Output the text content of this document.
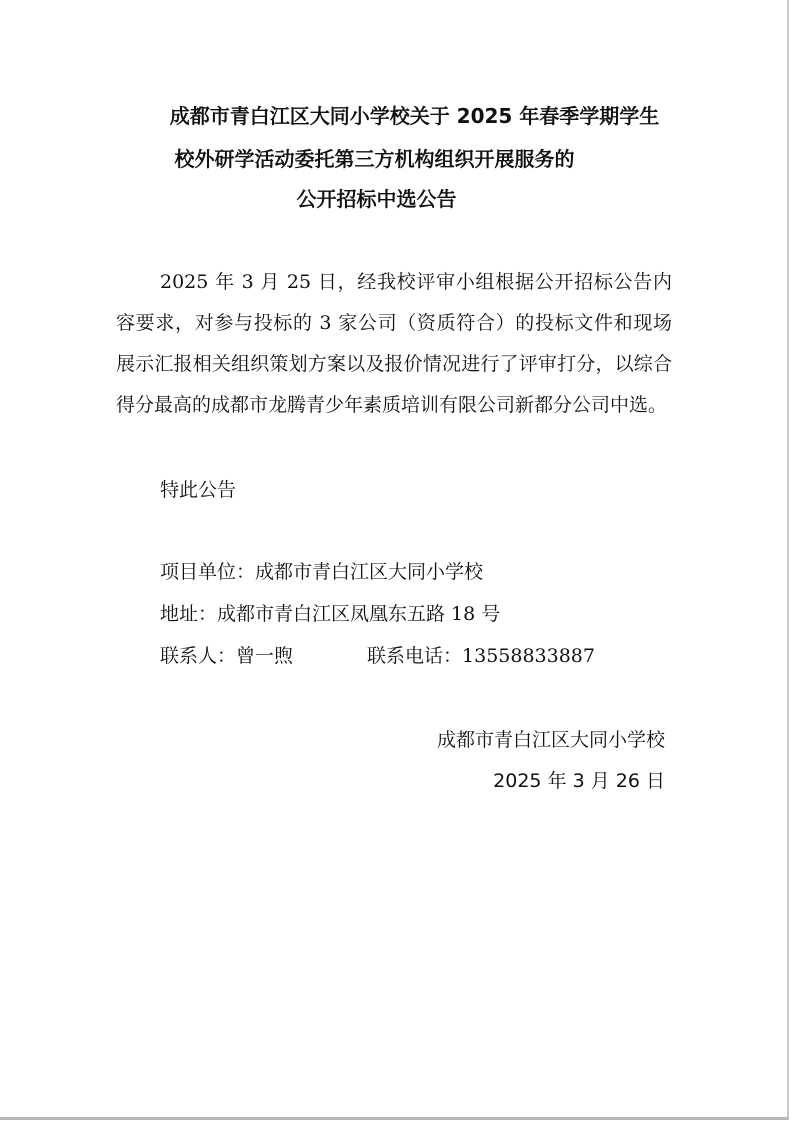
成都市青白江区大同小学校关于 2025 年春季学期学生
校外研学活动委托第三方机构组织开展服务的
公开招标中选公告

2025 年 3 月 25 日，经我校评审小组根据公开招标公告内容要求，对参与投标的 3 家公司（资质符合）的投标文件和现场展示汇报相关组织策划方案以及报价情况进行了评审打分，以综合得分最高的成都市龙腾青少年素质培训有限公司新都分公司中选。

特此公告

项目单位：成都市青白江区大同小学校

地址：成都市青白江区凤凰东五路 18 号

联系人：曾一煦	联系电话：13558833887

成都市青白江区大同小学校

2025 年 3 月 26 日
